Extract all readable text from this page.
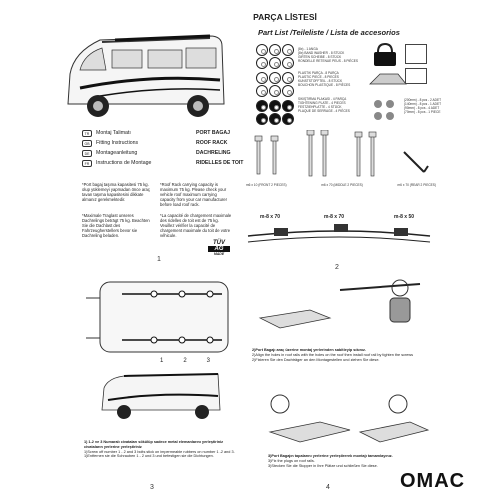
PARÇA LİSTESİ
Part List /Teileliste / Lista de accesorios
(8x) - 1 ANGA
(8x) BAND WASHER - 8 STÜCK
GIRTEN SCHEIBE - 8 STÜCK
RONDELLE RETENUE PEUS - 8 PIÈCES
PLASTIK PARÇA - 8 PARÇA
PLASTIC PIECE - 8 PIECES
KUNSTSTOFFTEIL - 8 STÜCK
BOUCHON PLASTIQUE - 8 PIÈCES
SIKIŞTIRMA PLAKASI - 4 PARÇA
TIGHTENING PLATE - 4 PIECES
FESTZIEHPLATTE - 4 STÜCK
PLAQUE DE SERRAGE - 4 PIÈCES
(200mm) - 8 pcs - 2 ADET
(140mm) - 8 pcs - 1 ADET
(90mm) - 8 pcs - 4 ADET
(70mm) - 8 pcs - 1 PIECE
TR	Montaj Talimatı	PORT BAGAJ
GB	Fitting Instructions	ROOF RACK
DE	Montageanleitung	DACHRELING
FR	Instructions de Montage	RIDELLES DE TOIT
m6 x 10 (FRONT 2 PIECES)	m6 x 70 (MIDDLE 2 PIECES)	m6 x 70 (REAR 2 PIECES)
*Port bagaj taşıma kapasitesi 75 kg. olup yüklemeyi yapmadan önce araç tavan taşıma kapasitesini dikkate almanız gerekmektedir.
*Roof Rack carrying capacity is maximum 75 kg. Please check your vehicle roof maximum carrying capacity from your car manufacturer before load roof rack.
*Maximale Traglast unseres Dachrelings beträgt 75 kg. Beachten Sie die Dachlast des Fahrzeugherstellers bevor sie Dachreling beladen.
*La capacité de chargement maximale des ridelles de toit est de 75 kg. Veuillez vérifier la capacité de chargement maximale du toit de votre véhicule.
TÜV
AG
MADE
m-8 x 70	m-8 x 70	m-8 x 50
1	2	3
1
2
3	4
1) 1-2 ve 3 Numaralı civataları sökülüp sadece metal elemanlarını yerleştiriniz civataların yerlerine yerleştiriniz
1)Screw off number 1 - 2 and 3 bolts stick on impermeable rubbers on number 1 -2 and 3.
1)Entfernen sie die Schrauben 1 - 2 und 3 und befestigen sie die Dichtungen.
2)Port Bagajı araç üzerine montaj yerlerinden sabitleyip sıkınız.
2)Align the holes in roof rails with the holes on the roof then install roof rail by tighten the screws
2)Fixieren Sie den Dachträger an den Montagestellen und ziehen Sie diese.
3)Port Bagajın tapalarını yerlerine yerleştirerek montajı tamamlayınız.
3)Fix the plugs on roof rails.
3)Stecken Sie die Stopper in Ihre Plätze und schließen Sie diese.
OMAC
